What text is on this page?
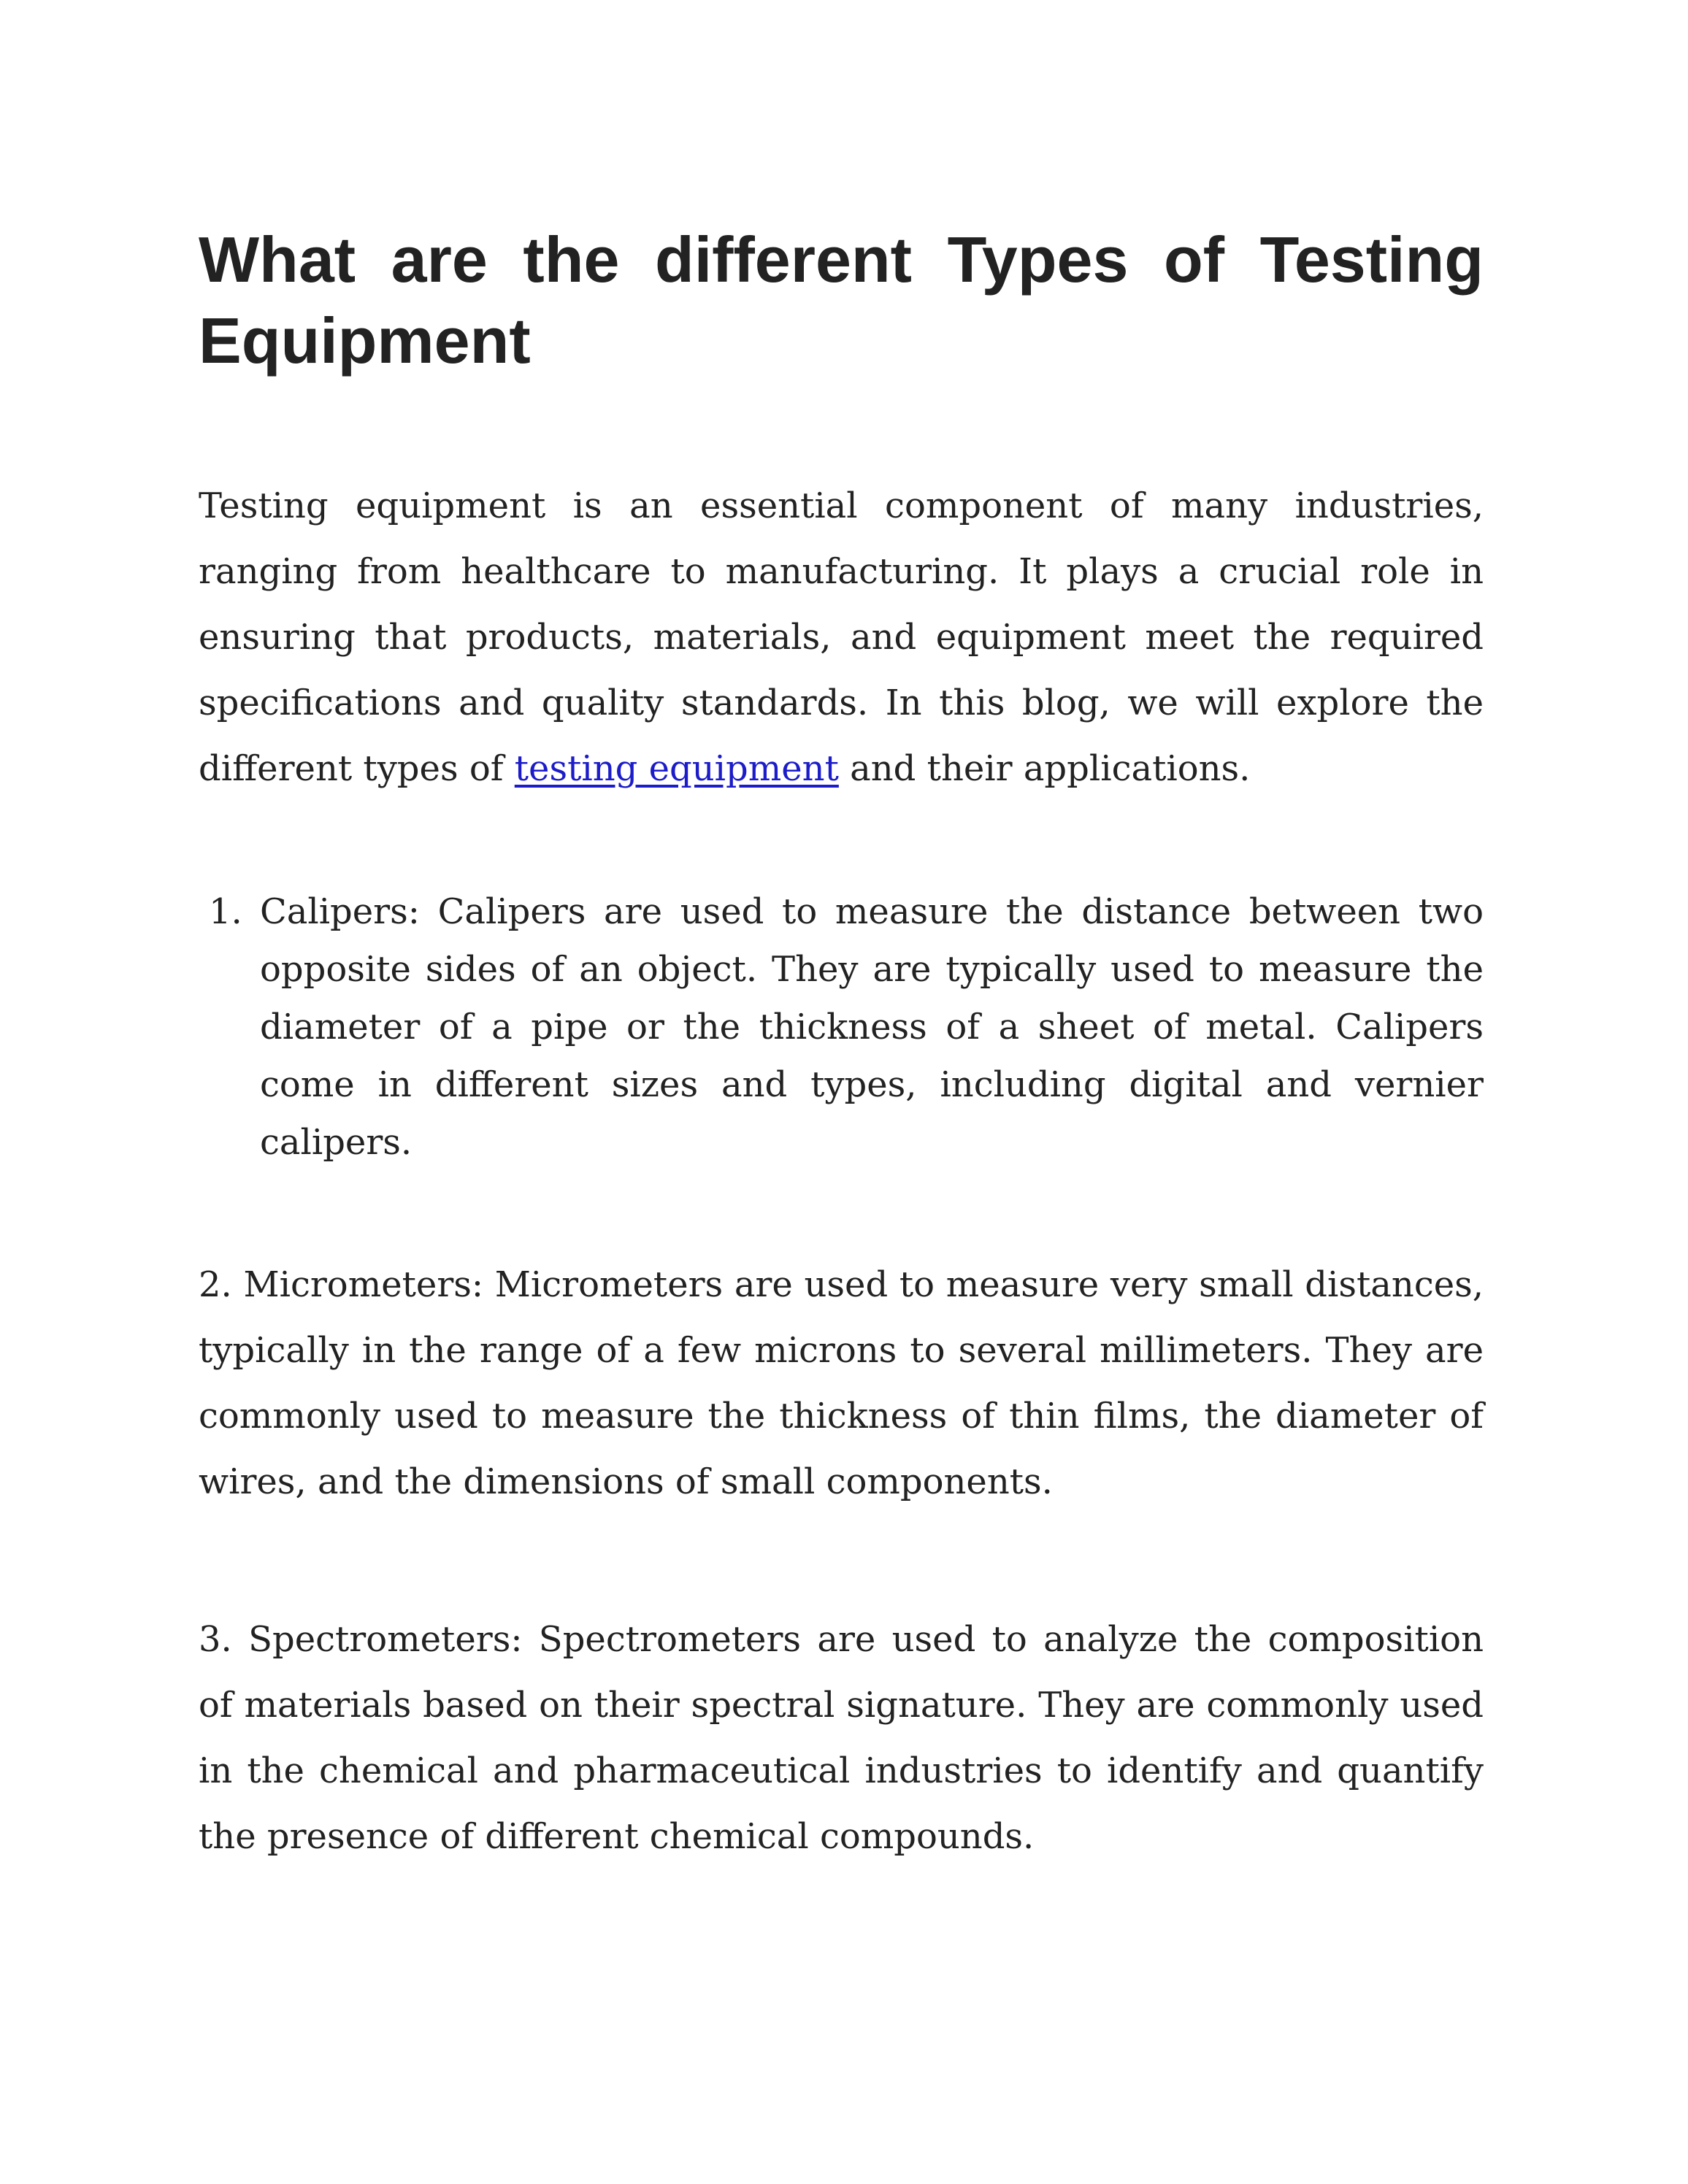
What are the different Types of Testing Equipment

Testing equipment is an essential component of many industries, ranging from healthcare to manufacturing. It plays a crucial role in ensuring that products, materials, and equipment meet the required specifications and quality standards. In this blog, we will explore the different types of testing equipment and their applications.

1. Calipers: Calipers are used to measure the distance between two opposite sides of an object. They are typically used to measure the diameter of a pipe or the thickness of a sheet of metal. Calipers come in different sizes and types, including digital and vernier calipers.

2. Micrometers: Micrometers are used to measure very small distances, typically in the range of a few microns to several millimeters. They are commonly used to measure the thickness of thin films, the diameter of wires, and the dimensions of small components.

3. Spectrometers: Spectrometers are used to analyze the composition of materials based on their spectral signature. They are commonly used in the chemical and pharmaceutical industries to identify and quantify the presence of different chemical compounds.
